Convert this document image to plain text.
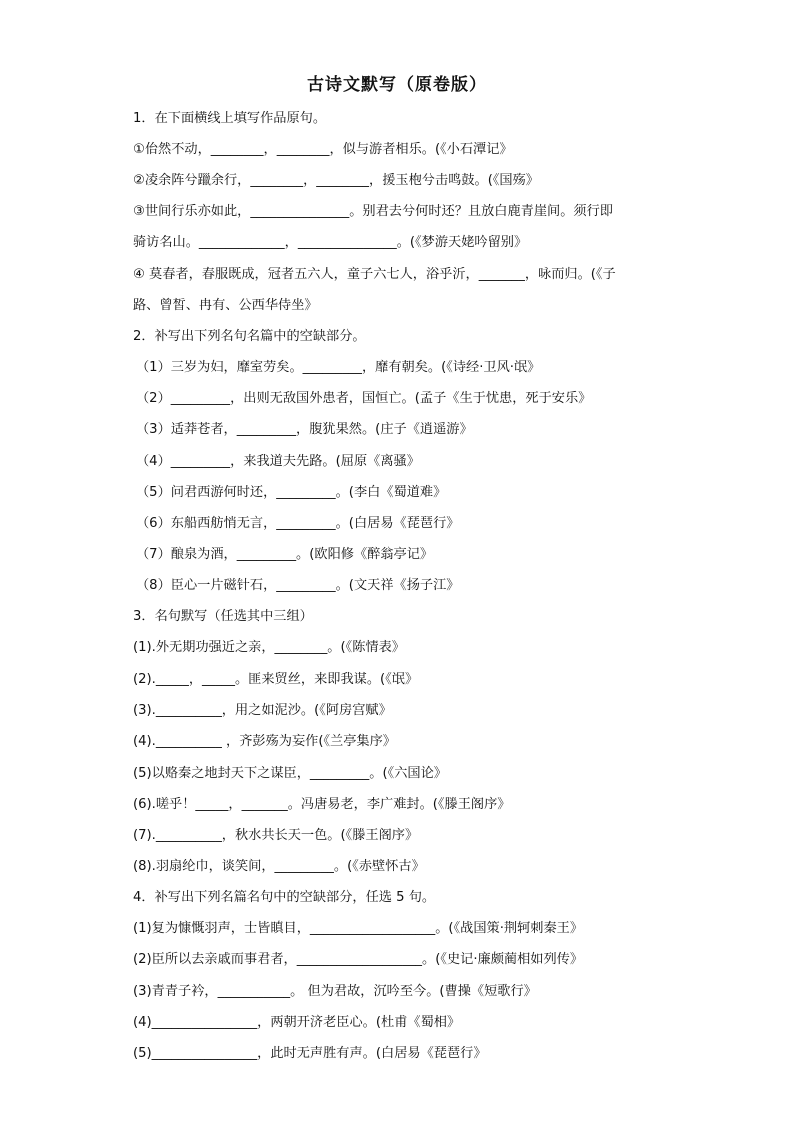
古诗文默写（原卷版）
1．在下面横线上填写作品原句。
①佁然不动，________，________，似与游者相乐。(《小石潭记》
②凌余阵兮躐余行，________，________，援玉枹兮击鸣鼓。(《国殇》
③世间行乐亦如此，_______________。别君去兮何时还？且放白鹿青崖间。须行即
骑访名山。_____________，_______________。(《梦游天姥吟留别》
④ 莫春者，春服既成，冠者五六人，童子六七人，浴乎沂，_______，咏而归。(《子
路、曾皙、冉有、公西华侍坐》
2．补写出下列名句名篇中的空缺部分。
（1）三岁为妇，靡室劳矣。_________，靡有朝矣。(《诗经·卫风·氓》
（2）_________，出则无敌国外患者，国恒亡。(孟子《生于忧患，死于安乐》
（3）适莽苍者，_________，腹犹果然。(庄子《逍遥游》
（4）_________，来我道夫先路。(屈原《离骚》
（5）问君西游何时还，_________。(李白《蜀道难》
（6）东船西舫悄无言，_________。(白居易《琵琶行》
（7）酿泉为酒，_________。(欧阳修《醉翁亭记》
（8）臣心一片磁针石，_________。(文天祥《扬子江》
3．名句默写（任选其中三组）
(1).外无期功强近之亲，________。(《陈情表》
(2)._____，_____。匪来贸丝，来即我谋。(《氓》
(3).__________，用之如泥沙。(《阿房宫赋》
(4).__________ ，齐彭殇为妄作(《兰亭集序》
(5)以赂秦之地封天下之谋臣，_________。(《六国论》
(6).嗟乎！_____，_______。冯唐易老，李广难封。(《滕王阁序》
(7).__________，秋水共长天一色。(《滕王阁序》
(8).羽扇纶巾，谈笑间，_________。(《赤壁怀古》
4．补写出下列名篇名句中的空缺部分，任选 5 句。
(1)复为慷慨羽声，士皆瞋目，___________________。(《战国策·荆轲刺秦王》
(2)臣所以去亲戚而事君者，___________________。(《史记·廉颇蔺相如列传》
(3)青青子衿，___________。 但为君故，沉吟至今。(曹操《短歌行》
(4)________________，两朝开济老臣心。(杜甫《蜀相》
(5)________________，此时无声胜有声。(白居易《琵琶行》
